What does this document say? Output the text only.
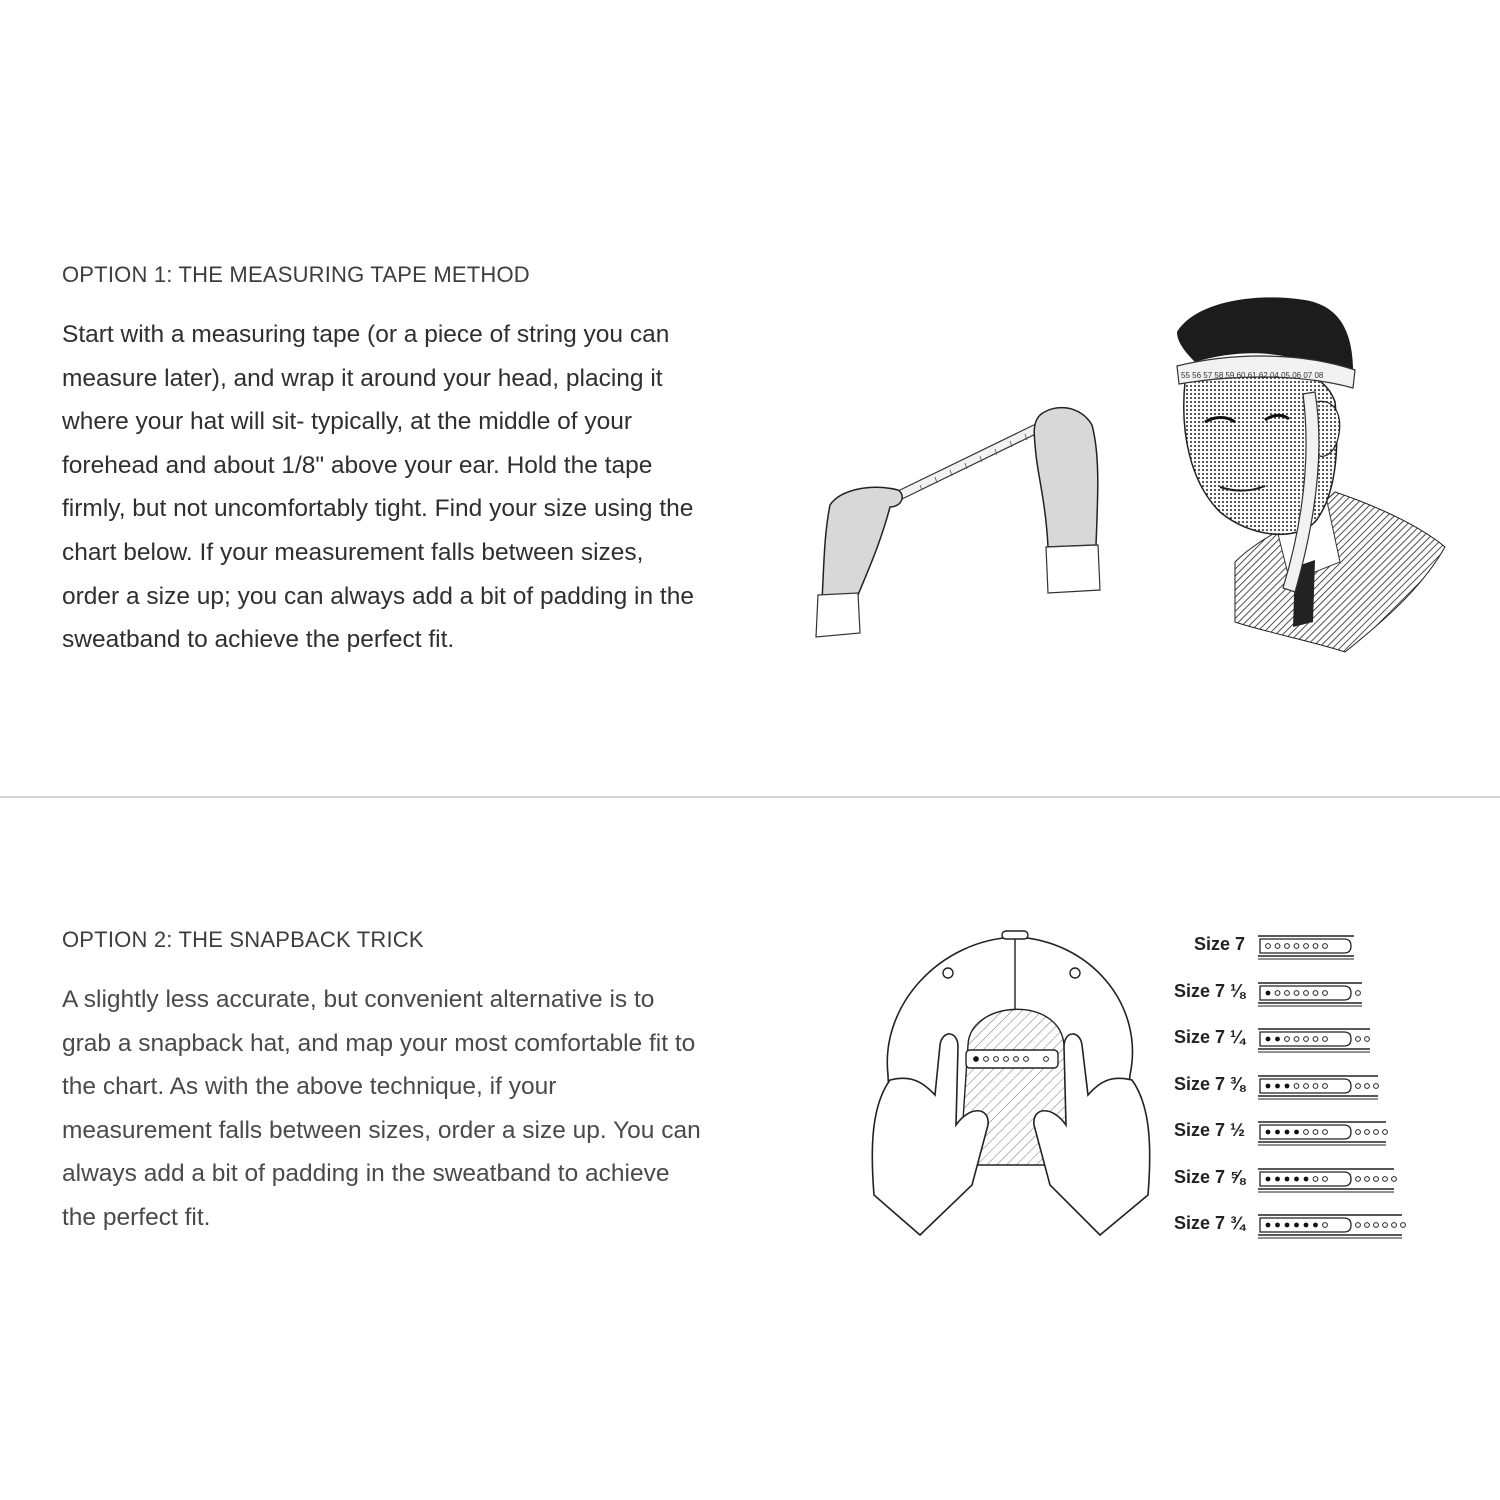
OPTION 1: THE MEASURING TAPE METHOD

Start with a measuring tape (or a piece of string you can measure later), and wrap it around your head, placing it where your hat will sit- typically, at the middle of your forehead and about 1/8" above your ear. Hold the tape firmly, but not uncomfortably tight. Find your size using the chart below. If your measurement falls between sizes, order a size up; you can always add a bit of padding in the sweatband to achieve the perfect fit.

55 56 57 58 59 60 61 62 04 05 06 07 08
OPTION 2: THE SNAPBACK TRICK

A slightly less accurate, but convenient alternative is to grab a snapback hat, and map your most comfortable fit to the chart. As with the above technique, if your measurement falls between sizes, order a size up. You can always add a bit of padding in the sweatband to achieve the perfect fit.

Size 7
Size 7 ⅛
Size 7 ¼
Size 7 ⅜
Size 7 ½
Size 7 ⅝
Size 7 ¾
